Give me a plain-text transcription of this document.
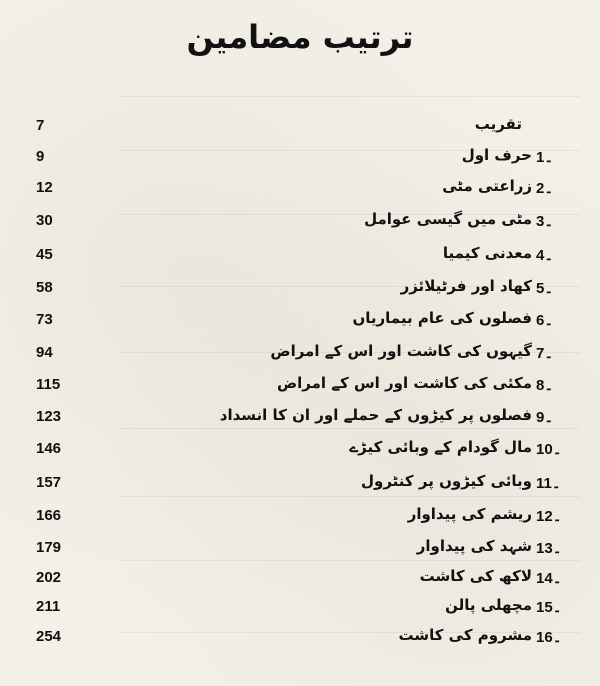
ترتیب مضامین
7	تقریب
9	حرف اول 1۔
12	زراعتی مٹی 2۔
30	مٹی میں گیسی عوامل 3۔
45	معدنی کیمیا 4۔
58	کھاد اور فرٹیلائزر 5۔
73	فصلوں کی عام بیماریاں 6۔
94	گیہوں کی کاشت اور اس کے امراض 7۔
115	مکئی کی کاشت اور اس کے امراض 8۔
123	فصلوں پر کیڑوں کے حملے اور ان کا انسداد 9۔
146	مال گودام کے وبائی کیڑے 10۔
157	وبائی کیڑوں پر کنٹرول 11۔
166	ریشم کی پیداوار 12۔
179	شہد کی پیداوار 13۔
202	لاکھ کی کاشت 14۔
211	مچھلی پالن 15۔
254	مشروم کی کاشت 16۔
